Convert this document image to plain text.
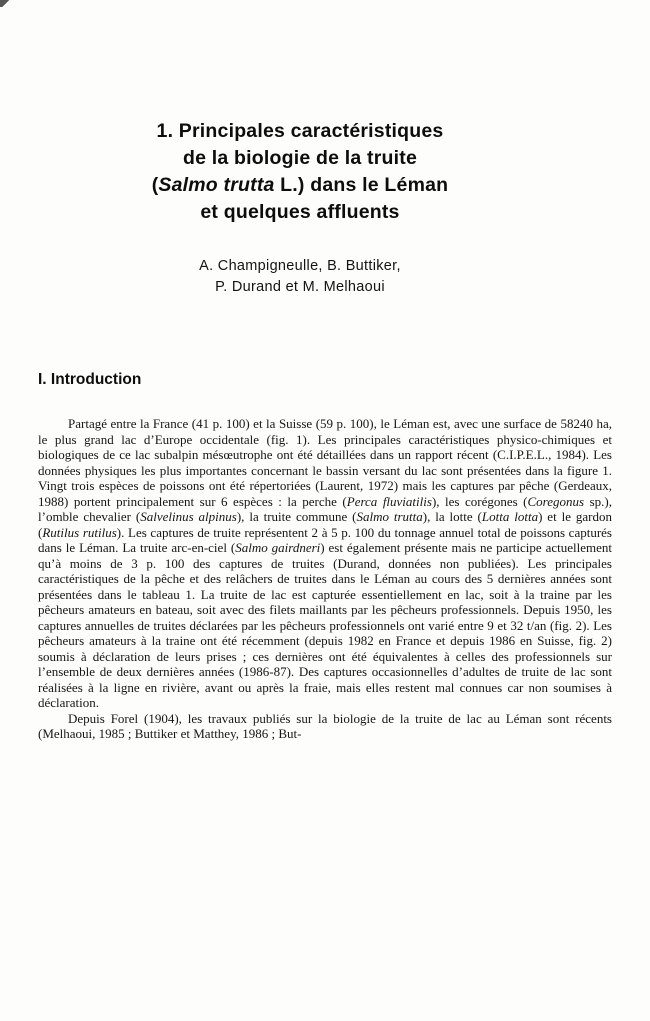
1. Principales caractéristiques
de la biologie de la truite
(Salmo trutta L.) dans le Léman
et quelques affluents
A. Champigneulle, B. Buttiker,
P. Durand et M. Melhaoui
I. Introduction

Partagé entre la France (41 p. 100) et la Suisse (59 p. 100), le Léman est, avec une surface de 58240 ha, le plus grand lac d’Europe occidentale (fig. 1). Les principales caractéristiques physico-chimiques et biologiques de ce lac subalpin mésœutrophe ont été détaillées dans un rapport récent (C.I.P.E.L., 1984). Les données physiques les plus importantes concernant le bassin versant du lac sont présentées dans la figure 1. Vingt trois espèces de poissons ont été répertoriées (Laurent, 1972) mais les captures par pêche (Gerdeaux, 1988) portent principalement sur 6 espèces : la perche (Perca fluviatilis), les corégones (Coregonus sp.), l’omble chevalier (Salvelinus alpinus), la truite commune (Salmo trutta), la lotte (Lotta lotta) et le gardon (Rutilus rutilus). Les captures de truite représentent 2 à 5 p. 100 du tonnage annuel total de poissons capturés dans le Léman. La truite arc-en-ciel (Salmo gairdneri) est également présente mais ne participe actuellement qu’à moins de 3 p. 100 des captures de truites (Durand, données non publiées). Les principales caractéristiques de la pêche et des relâchers de truites dans le Léman au cours des 5 dernières années sont présentées dans le tableau 1. La truite de lac est capturée essentiellement en lac, soit à la traine par les pêcheurs amateurs en bateau, soit avec des filets maillants par les pêcheurs professionnels. Depuis 1950, les captures annuelles de truites déclarées par les pêcheurs professionnels ont varié entre 9 et 32 t/an (fig. 2). Les pêcheurs amateurs à la traine ont été récemment (depuis 1982 en France et depuis 1986 en Suisse, fig. 2) soumis à déclaration de leurs prises ; ces dernières ont été équivalentes à celles des professionnels sur l’ensemble de deux dernières années (1986-87). Des captures occasionnelles d’adultes de truite de lac sont réalisées à la ligne en rivière, avant ou après la fraie, mais elles restent mal connues car non soumises à déclaration.

Depuis Forel (1904), les travaux publiés sur la biologie de la truite de lac au Léman sont récents (Melhaoui, 1985 ; Buttiker et Matthey, 1986 ; But-
